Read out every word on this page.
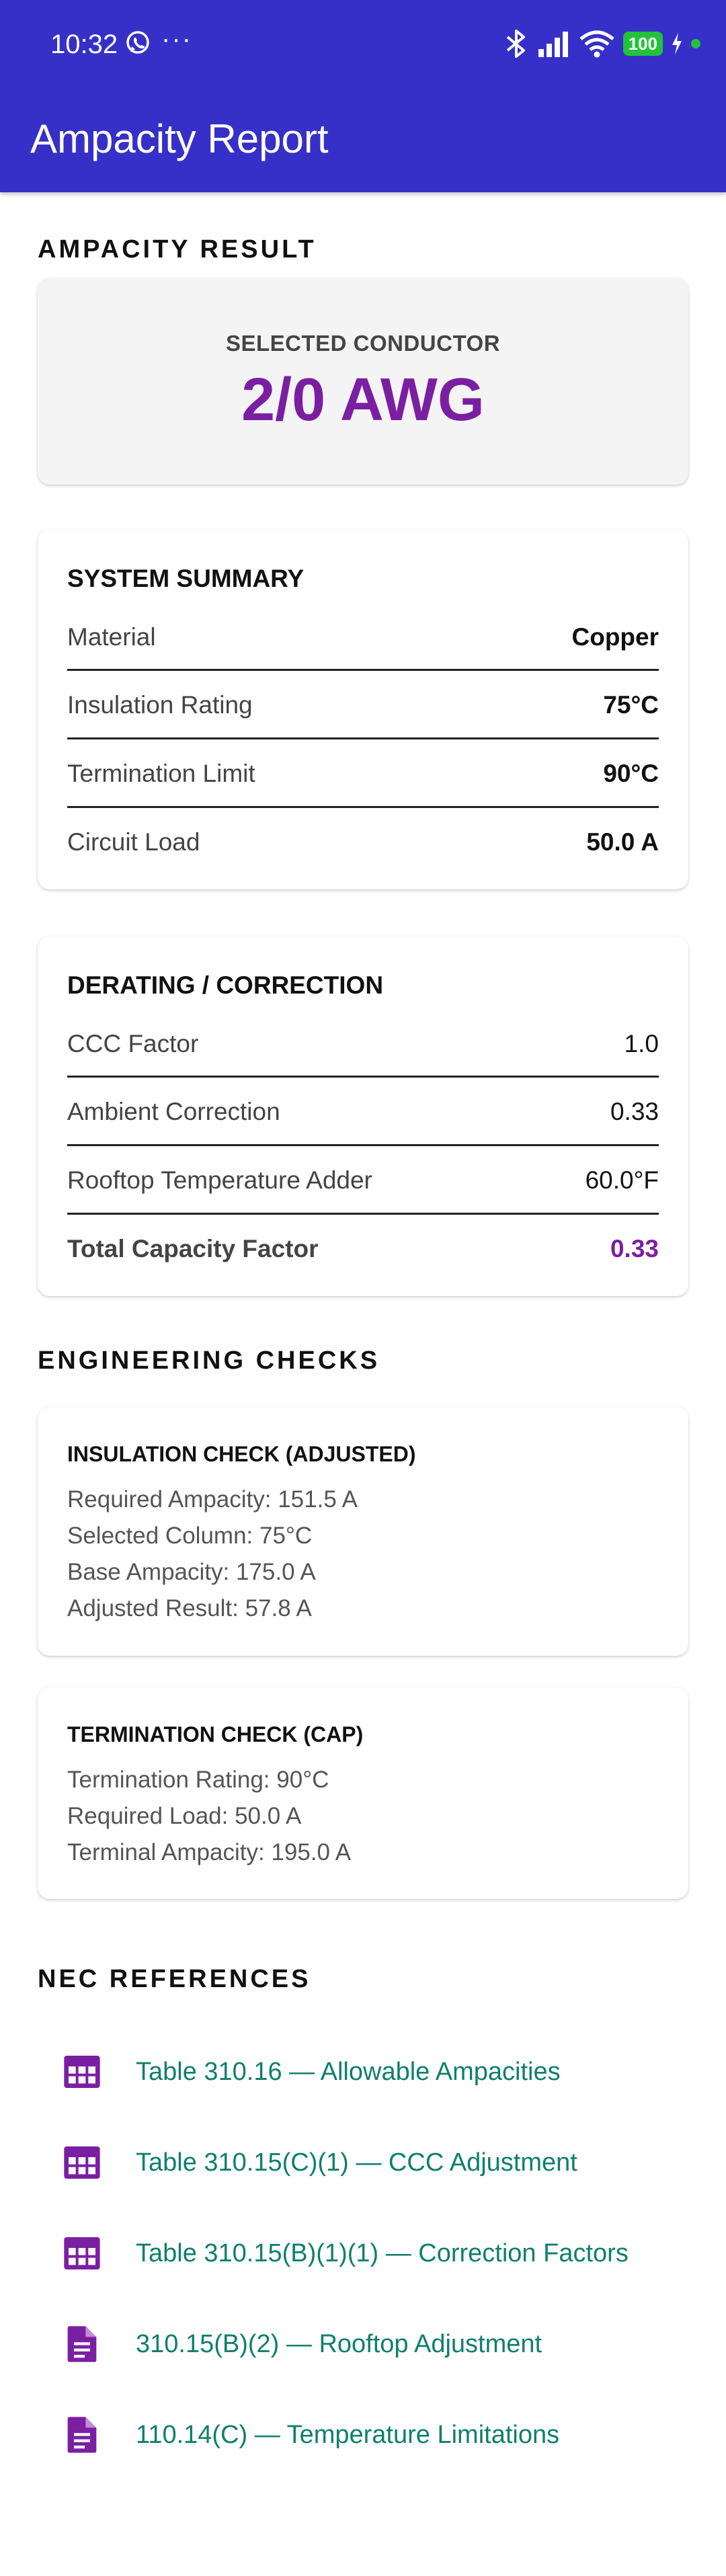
10:32 ···	100
Ampacity Report
AMPACITY RESULT
SELECTED CONDUCTOR
2/0 AWG
SYSTEM SUMMARY
Material	Copper
Insulation Rating	75°C
Termination Limit	90°C
Circuit Load	50.0 A
DERATING / CORRECTION
CCC Factor	1.0
Ambient Correction	0.33
Rooftop Temperature Adder	60.0°F
Total Capacity Factor	0.33
ENGINEERING CHECKS
INSULATION CHECK (ADJUSTED)
Required Ampacity: 151.5 A
Selected Column: 75°C
Base Ampacity: 175.0 A
Adjusted Result: 57.8 A
TERMINATION CHECK (CAP)
Termination Rating: 90°C
Required Load: 50.0 A
Terminal Ampacity: 195.0 A
NEC REFERENCES
Table 310.16 — Allowable Ampacities
Table 310.15(C)(1) — CCC Adjustment
Table 310.15(B)(1)(1) — Correction Factors
310.15(B)(2) — Rooftop Adjustment
110.14(C) — Temperature Limitations
